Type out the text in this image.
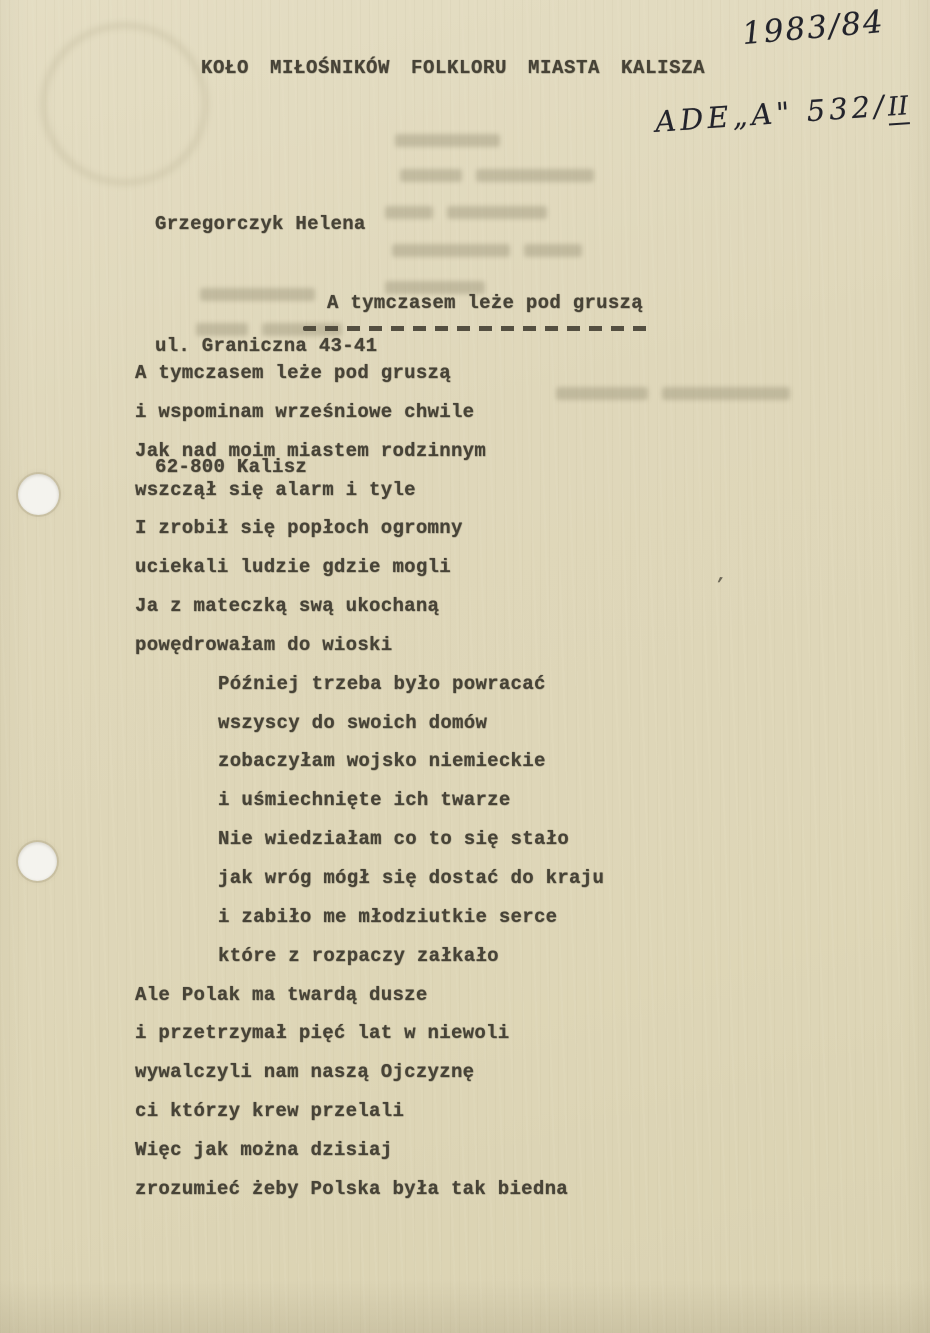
KOŁO MIŁOŚNIKÓW FOLKLORU MIASTA KALISZA
1983/84
ADE„A" 532/II

Grzegorczyk Helena

ul. Graniczna 43-41

62-800 Kalisz

A tymczasem leże pod gruszą
A tymczasem leże pod gruszą
i wspominam wrześniowe chwile
Jak nad moim miastem rodzinnym
wszczął się alarm i tyle
I zrobił się popłoch ogromny
uciekali ludzie gdzie mogli
Ja z mateczką swą ukochaną
powędrowałam do wioski
Później trzeba było powracać
wszyscy do swoich domów
zobaczyłam wojsko niemieckie
i uśmiechnięte ich twarze
Nie wiedziałam co to się stało
jak wróg mógł się dostać do kraju
i zabiło me młodziutkie serce
które z rozpaczy załkało
Ale Polak ma twardą dusze
i przetrzymał pięć lat w niewoli
wywalczyli nam naszą Ojczyznę
ci którzy krew przelali
Więc jak można dzisiaj
zrozumieć żeby Polska była tak biedna
’
